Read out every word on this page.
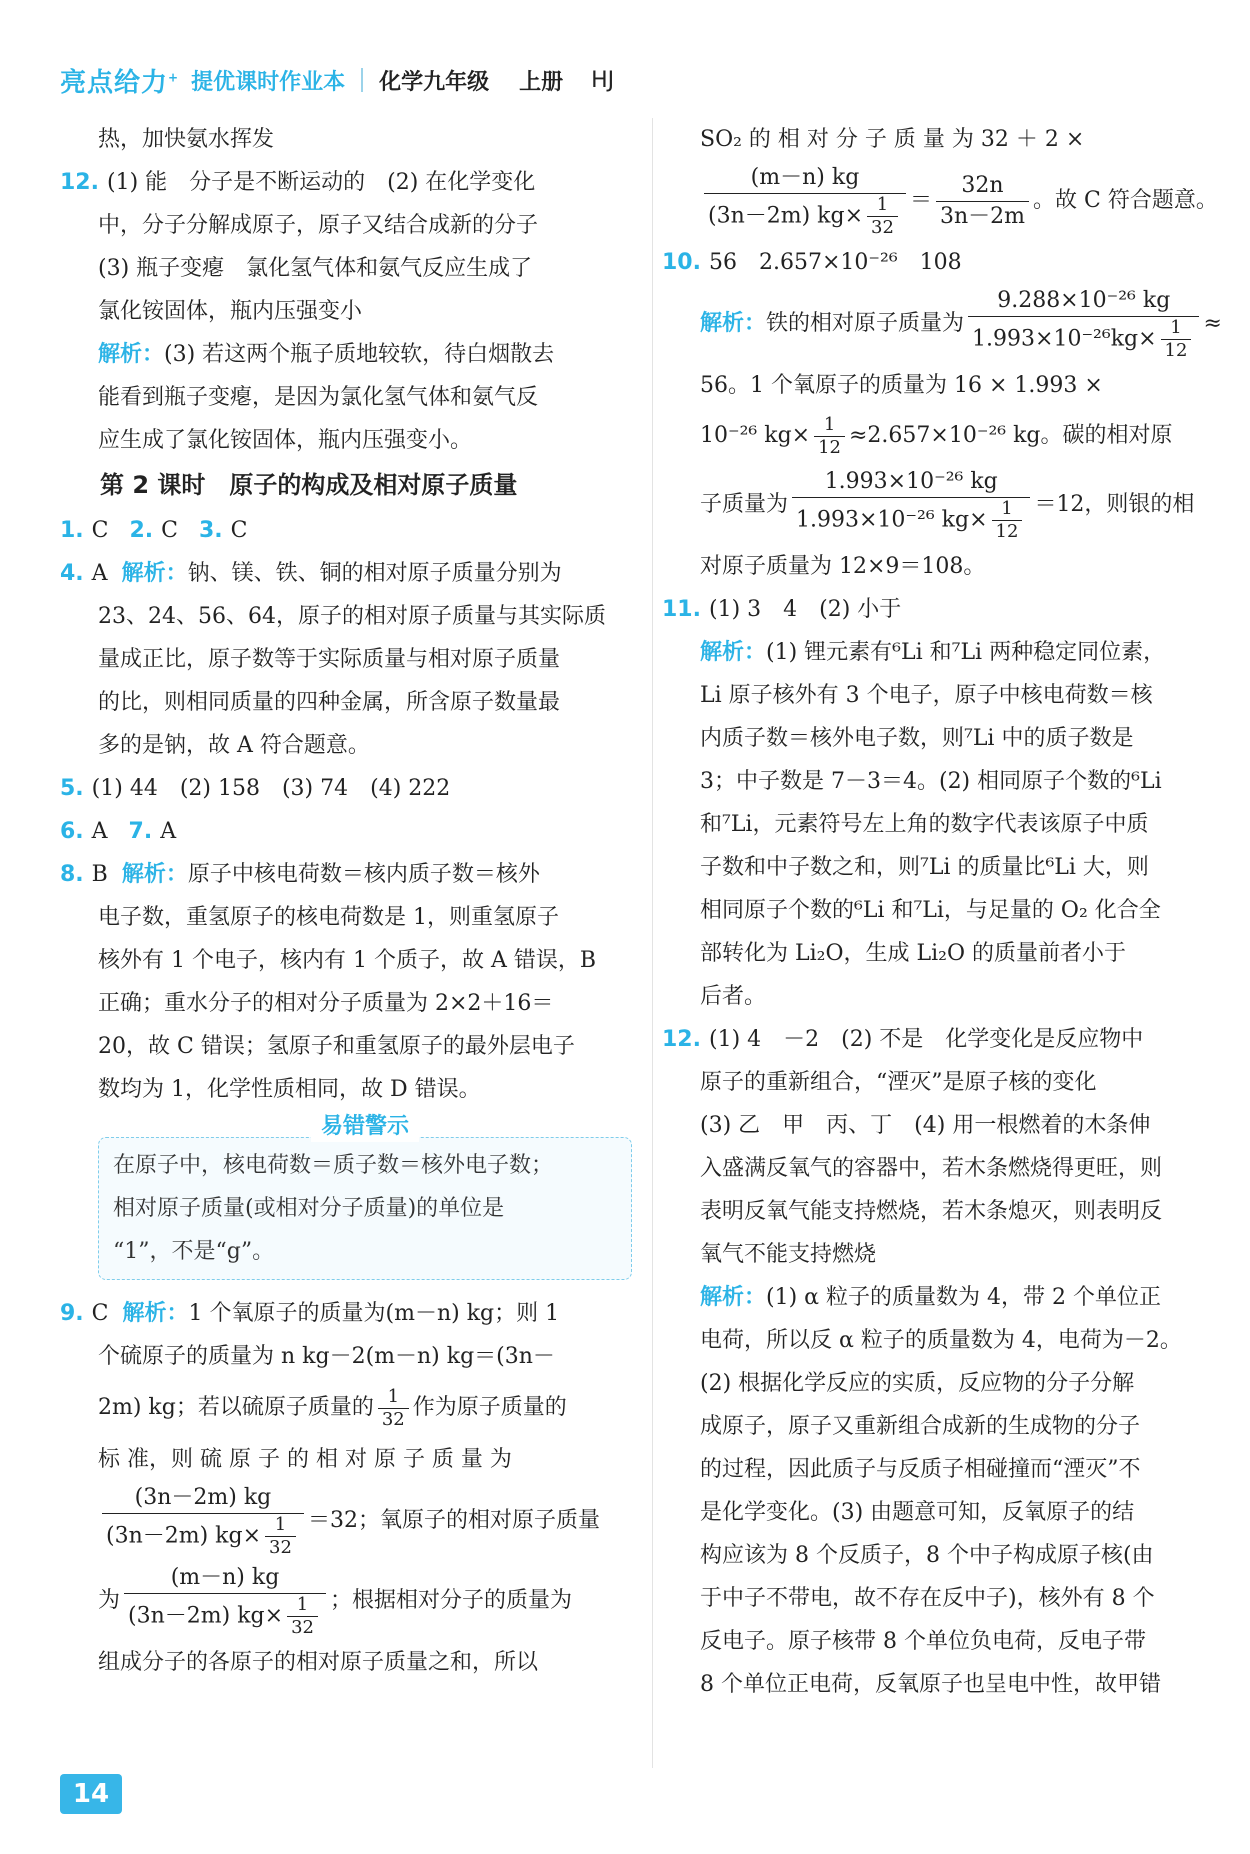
亮点给力+ 提优课时作业本 化学九年级 上册 HJ
热，加快氨水挥发
12. (1) 能　分子是不断运动的　(2) 在化学变化
中，分子分解成原子，原子又结合成新的分子
(3) 瓶子变瘪　氯化氢气体和氨气反应生成了
氯化铵固体，瓶内压强变小
解析：(3) 若这两个瓶子质地较软，待白烟散去
能看到瓶子变瘪，是因为氯化氢气体和氨气反
应生成了氯化铵固体，瓶内压强变小。
第 2 课时　原子的构成及相对原子质量
1. C 2. C 3. C
4. A 解析：钠、镁、铁、铜的相对原子质量分别为
23、24、56、64，原子的相对原子质量与其实际质
量成正比，原子数等于实际质量与相对原子质量
的比，则相同质量的四种金属，所含原子数量最
多的是钠，故 A 符合题意。
5. (1) 44　(2) 158　(3) 74　(4) 222
6. A 7. A
8. B 解析：原子中核电荷数＝核内质子数＝核外
电子数，重氢原子的核电荷数是 1，则重氢原子
核外有 1 个电子，核内有 1 个质子，故 A 错误，B
正确；重水分子的相对分子质量为 2×2＋16＝
20，故 C 错误；氢原子和重氢原子的最外层电子
数均为 1，化学性质相同，故 D 错误。
易错警示
在原子中，核电荷数＝质子数＝核外电子数；
相对原子质量(或相对分子质量)的单位是
“1”，不是“g”。
9. C 解析：1 个氧原子的质量为(m－n) kg；则 1
个硫原子的质量为 n kg－2(m－n) kg＝(3n－
2m) kg；若以硫原子质量的 $\frac{1}{32}$ 作为原子质量的
标 准，则 硫 原 子 的 相 对 原 子 质 量 为
$\frac{(3n-2m) kg}{(3n-2m) kg\times \frac{1}{32}} =32$；氧原子的相对原子质量
为 $\frac{(m-n) kg}{(3n-2m) kg\times \frac{1}{32}}$ ；根据相对分子的质量为
组成分子的各原子的相对原子质量之和，所以
SO₂ 的 相 对 分 子 质 量 为 32 ＋ 2 ×
$\frac{(m-n) kg}{(3n-2m) kg\times \frac{1}{32}} = \frac{32n}{3n-2m}$ 。故 C 符合题意。
10. 56　2.657×10⁻²⁶　108
解析：铁的相对原子质量为 $\frac{\text{9.288×10⁻²⁶ kg}}{1.993\times 10^{-26}kg\times \frac{1}{12}}$ ≈
56。1 个氧原子的质量为 16 × 1.993 ×
10⁻²⁶ $kg\times \frac{1}{12} \approx 2.657\times 10^{-26}$ kg。碳的相对原
子质量为 $\frac{\text{1.993×10⁻²⁶ kg}}{1.993\times 10^{-26} kg\times \frac{1}{12}} =12$，则银的相
对原子质量为 12×9＝108。
11. (1) 3　4　(2) 小于
解析：(1) 锂元素有⁶Li 和⁷Li 两种稳定同位素，
Li 原子核外有 3 个电子，原子中核电荷数＝核
内质子数＝核外电子数，则⁷Li 中的质子数是
3；中子数是 7－3＝4。(2) 相同原子个数的⁶Li
和⁷Li，元素符号左上角的数字代表该原子中质
子数和中子数之和，则⁷Li 的质量比⁶Li 大，则
相同原子个数的⁶Li 和⁷Li，与足量的 O₂ 化合全
部转化为 Li₂O，生成 Li₂O 的质量前者小于
后者。
12. (1) 4　－2　(2) 不是　化学变化是反应物中
原子的重新组合，“湮灭”是原子核的变化
(3) 乙　甲　丙、丁　(4) 用一根燃着的木条伸
入盛满反氧气的容器中，若木条燃烧得更旺，则
表明反氧气能支持燃烧，若木条熄灭，则表明反
氧气不能支持燃烧
解析：(1) α 粒子的质量数为 4，带 2 个单位正
电荷，所以反 α 粒子的质量数为 4，电荷为－2。
(2) 根据化学反应的实质，反应物的分子分解
成原子，原子又重新组合成新的生成物的分子
的过程，因此质子与反质子相碰撞而“湮灭”不
是化学变化。(3) 由题意可知，反氧原子的结
构应该为 8 个反质子，8 个中子构成原子核(由
于中子不带电，故不存在反中子)，核外有 8 个
反电子。原子核带 8 个单位负电荷，反电子带
8 个单位正电荷，反氧原子也呈电中性，故甲错
14
